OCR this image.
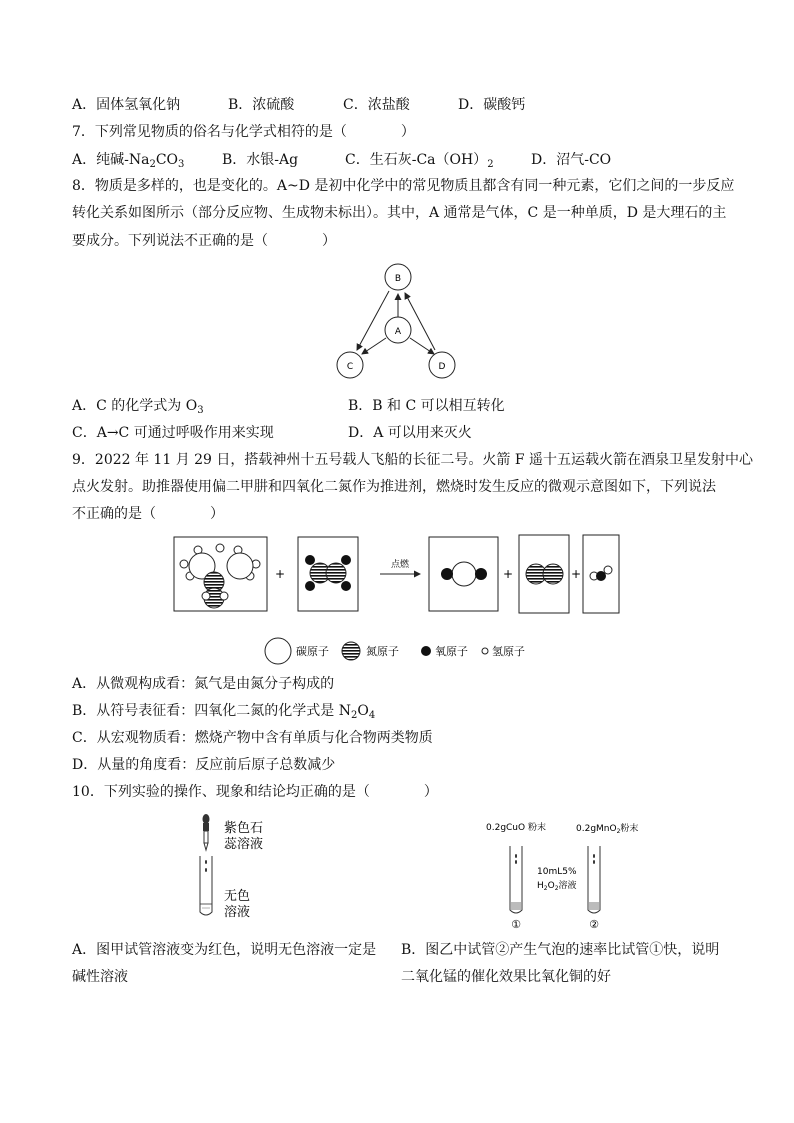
A．固体氢氧化钠	B．浓硫酸	C．浓盐酸	D．碳酸钙
7．下列常见物质的俗名与化学式相符的是（	）
A．纯碱$-Na_2CO_3$	B．水银-Ag	C．生石灰$-Ca(OH)_2$	D．沼气-CO
8．物质是多样的，也是变化的。A~D 是初中化学中的常见物质且都含有同一种元素，它们之间的一步反应
转化关系如图所示（部分反应物、生成物未标出）。其中，A 通常是气体，C 是一种单质，D 是大理石的主
要成分。下列说法不正确的是（	）
B
A
C	D
A．C 的化学式为 $O_3$	B．B 和 C 可以相互转化
C．A→C 可通过呼吸作用来实现	D．A 可以用来灭火
9．2022 年 11 月 29 日，搭载神州十五号载人飞船的长征二号。火箭 F 遥十五运载火箭在酒泉卫星发射中心
点火发射。助推器使用偏二甲肼和四氧化二氮作为推进剂，燃烧时发生反应的微观示意图如下，下列说法
不正确的是（	）
+
点燃
+	+
碳原子	氮原子	氧原子 氢原子
A．从微观构成看：氮气是由氮分子构成的
B．从符号表征看：四氧化二氮的化学式是 $N_2O_4$
C．从宏观物质看：燃烧产物中含有单质与化合物两类物质
D．从量的角度看：反应前后原子总数减少
10．下列实验的操作、现象和结论均正确的是（	）
紫色石
蕊溶液
无色
溶液
0.2gCuO 粉末	0.2gMnO$_2$粉末
10mL5%
$H_2O_2$溶液
①	②
A．图甲试管溶液变为红色，说明无色溶液一定是
碱性溶液
B．图乙中试管②产生气泡的速率比试管①快，说明
二氧化锰的催化效果比氧化铜的好
